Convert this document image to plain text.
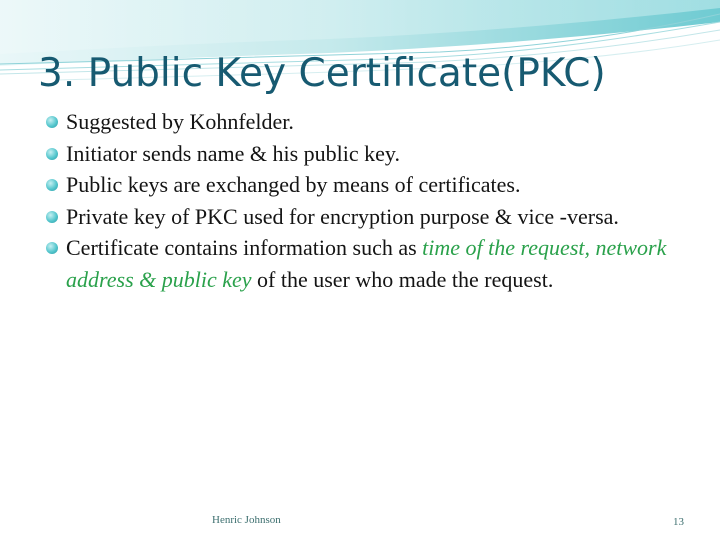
3. Public Key Certificate(PKC)
Suggested by Kohnfelder.
Initiator sends name & his public key.
Public keys are exchanged by means of certificates.
Private key of PKC used for encryption purpose & vice -versa.
Certificate contains information such as time of the request, network address & public key of the user who made the request.
Henric Johnson	13
